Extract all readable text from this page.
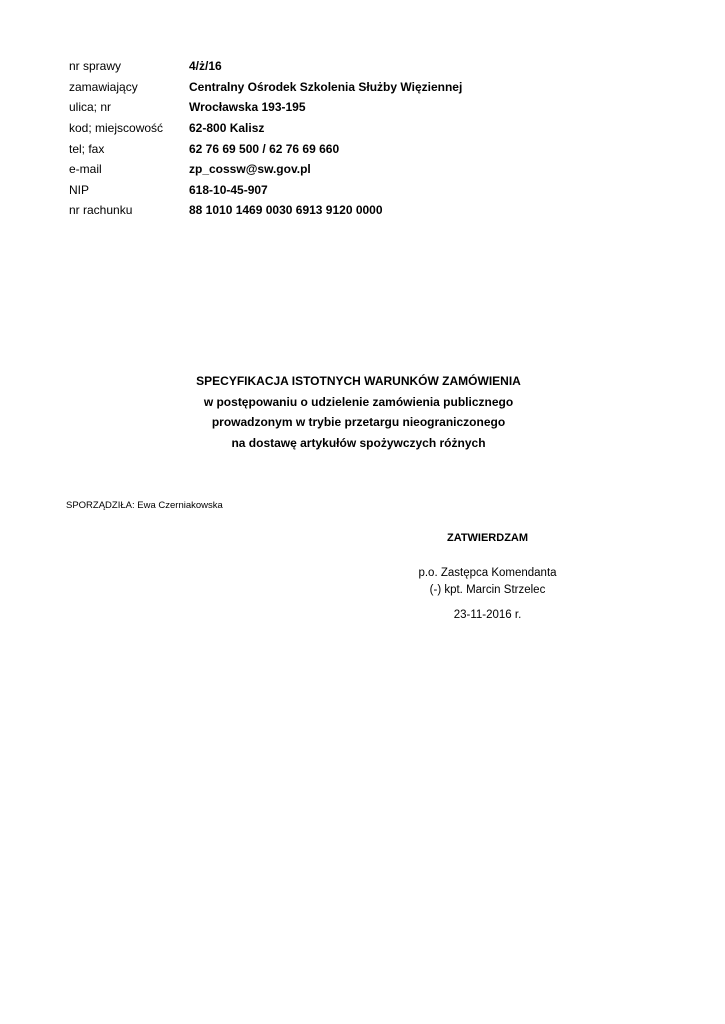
nr sprawy	4/ż/16
zamawiający	Centralny Ośrodek Szkolenia Służby Więziennej
ulica; nr	Wrocławska 193-195
kod; miejscowość	62-800 Kalisz
tel; fax	62 76 69 500 / 62 76 69 660
e-mail	zp_cossw@sw.gov.pl
NIP	618-10-45-907
nr rachunku	88 1010 1469 0030 6913 9120 0000
SPECYFIKACJA ISTOTNYCH WARUNKÓW ZAMÓWIENIA
w postępowaniu o udzielenie zamówienia publicznego
prowadzonym w trybie przetargu nieograniczonego
na dostawę artykułów spożywczych różnych
SPORZĄDZIŁA: Ewa Czerniakowska
ZATWIERDZAM
p.o. Zastępca Komendanta
(-) kpt. Marcin Strzelec
23-11-2016 r.
